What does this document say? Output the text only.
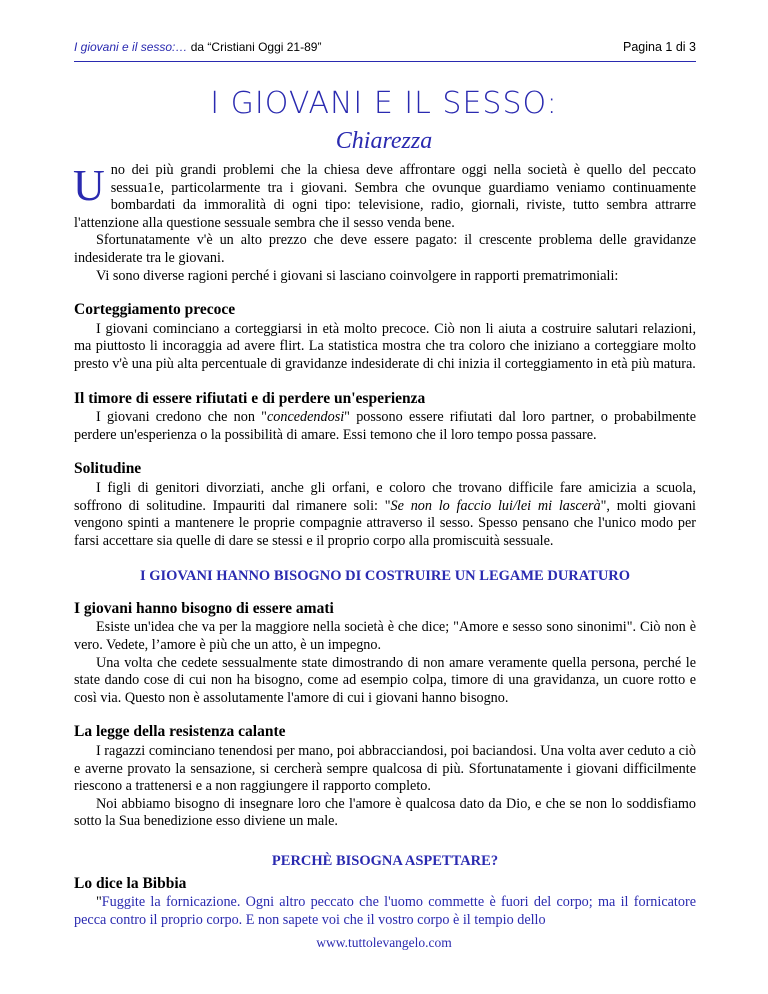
I giovani e il sesso:… da “Cristiani Oggi 21-89”	Pagina 1 di 3
I GIOVANI E IL SESSO:
Chiarezza

Uno dei più grandi problemi che la chiesa deve affrontare oggi nella società è quello del peccato sessua1e, particolarmente tra i giovani. Sembra che ovunque guardiamo veniamo continuamente bombardati da immoralità di ogni tipo: televisione, radio, giornali, riviste, tutto sembra attrarre l'attenzione alla questione sessuale sembra che il sesso venda bene.

Sfortunatamente v'è un alto prezzo che deve essere pagato: il crescente problema delle gravidanze indesiderate tra le giovani.

Vi sono diverse ragioni perché i giovani si lasciano coinvolgere in rapporti prematrimoniali:

Corteggiamento precoce

I giovani cominciano a corteggiarsi in età molto precoce. Ciò non li aiuta a costruire salutari relazioni, ma piuttosto li incoraggia ad avere flirt. La statistica mostra che tra coloro che iniziano a corteggiare molto presto v'è una più alta percentuale di gravidanze indesiderate di chi inizia il corteggiamento in età più matura.

Il timore di essere rifiutati e di perdere un'esperienza

I giovani credono che non "concedendosi" possono essere rifiutati dal loro partner, o probabilmente perdere un'esperienza o la possibilità di amare. Essi temono che il loro tempo possa passare.

Solitudine

I figli di genitori divorziati, anche gli orfani, e coloro che trovano difficile fare amicizia a scuola, soffrono di solitudine. Impauriti dal rimanere soli: "Se non lo faccio lui/lei mi lascerà", molti giovani vengono spinti a mantenere le proprie compagnie attraverso il sesso. Spesso pensano che l'unico modo per farsi accettare sia quelle di dare se stessi e il proprio corpo alla promiscuità sessuale.

I GIOVANI HANNO BISOGNO DI COSTRUIRE UN LEGAME DURATURO
I giovani hanno bisogno di essere amati

Esiste un'idea che va per la maggiore nella società è che dice; "Amore e sesso sono sinonimi". Ciò non è vero. Vedete, l’amore è più che un atto, è un impegno.

Una volta che cedete sessualmente state dimostrando di non amare veramente quella persona, perché le state dando cose di cui non ha bisogno, come ad esempio colpa, timore di una gravidanza, un cuore rotto e così via. Questo non è assolutamente l'amore di cui i giovani hanno bisogno.

La legge della resistenza calante

I ragazzi cominciano tenendosi per mano, poi abbracciandosi, poi baciandosi. Una volta aver ceduto a ciò e averne provato la sensazione, si cercherà sempre qualcosa di più. Sfortunatamente i giovani difficilmente riescono a trattenersi e a non raggiungere il rapporto completo.

Noi abbiamo bisogno di insegnare loro che l'amore è qualcosa dato da Dio, e che se non lo soddisfiamo sotto la Sua benedizione esso diviene un male.

PERCHÈ BISOGNA ASPETTARE?
Lo dice la Bibbia

"Fuggite la fornicazione. Ogni altro peccato che l'uomo commette è fuori del corpo; ma il fornicatore pecca contro il proprio corpo. E non sapete voi che il vostro corpo è il tempio dello

www.tuttolevangelo.com
